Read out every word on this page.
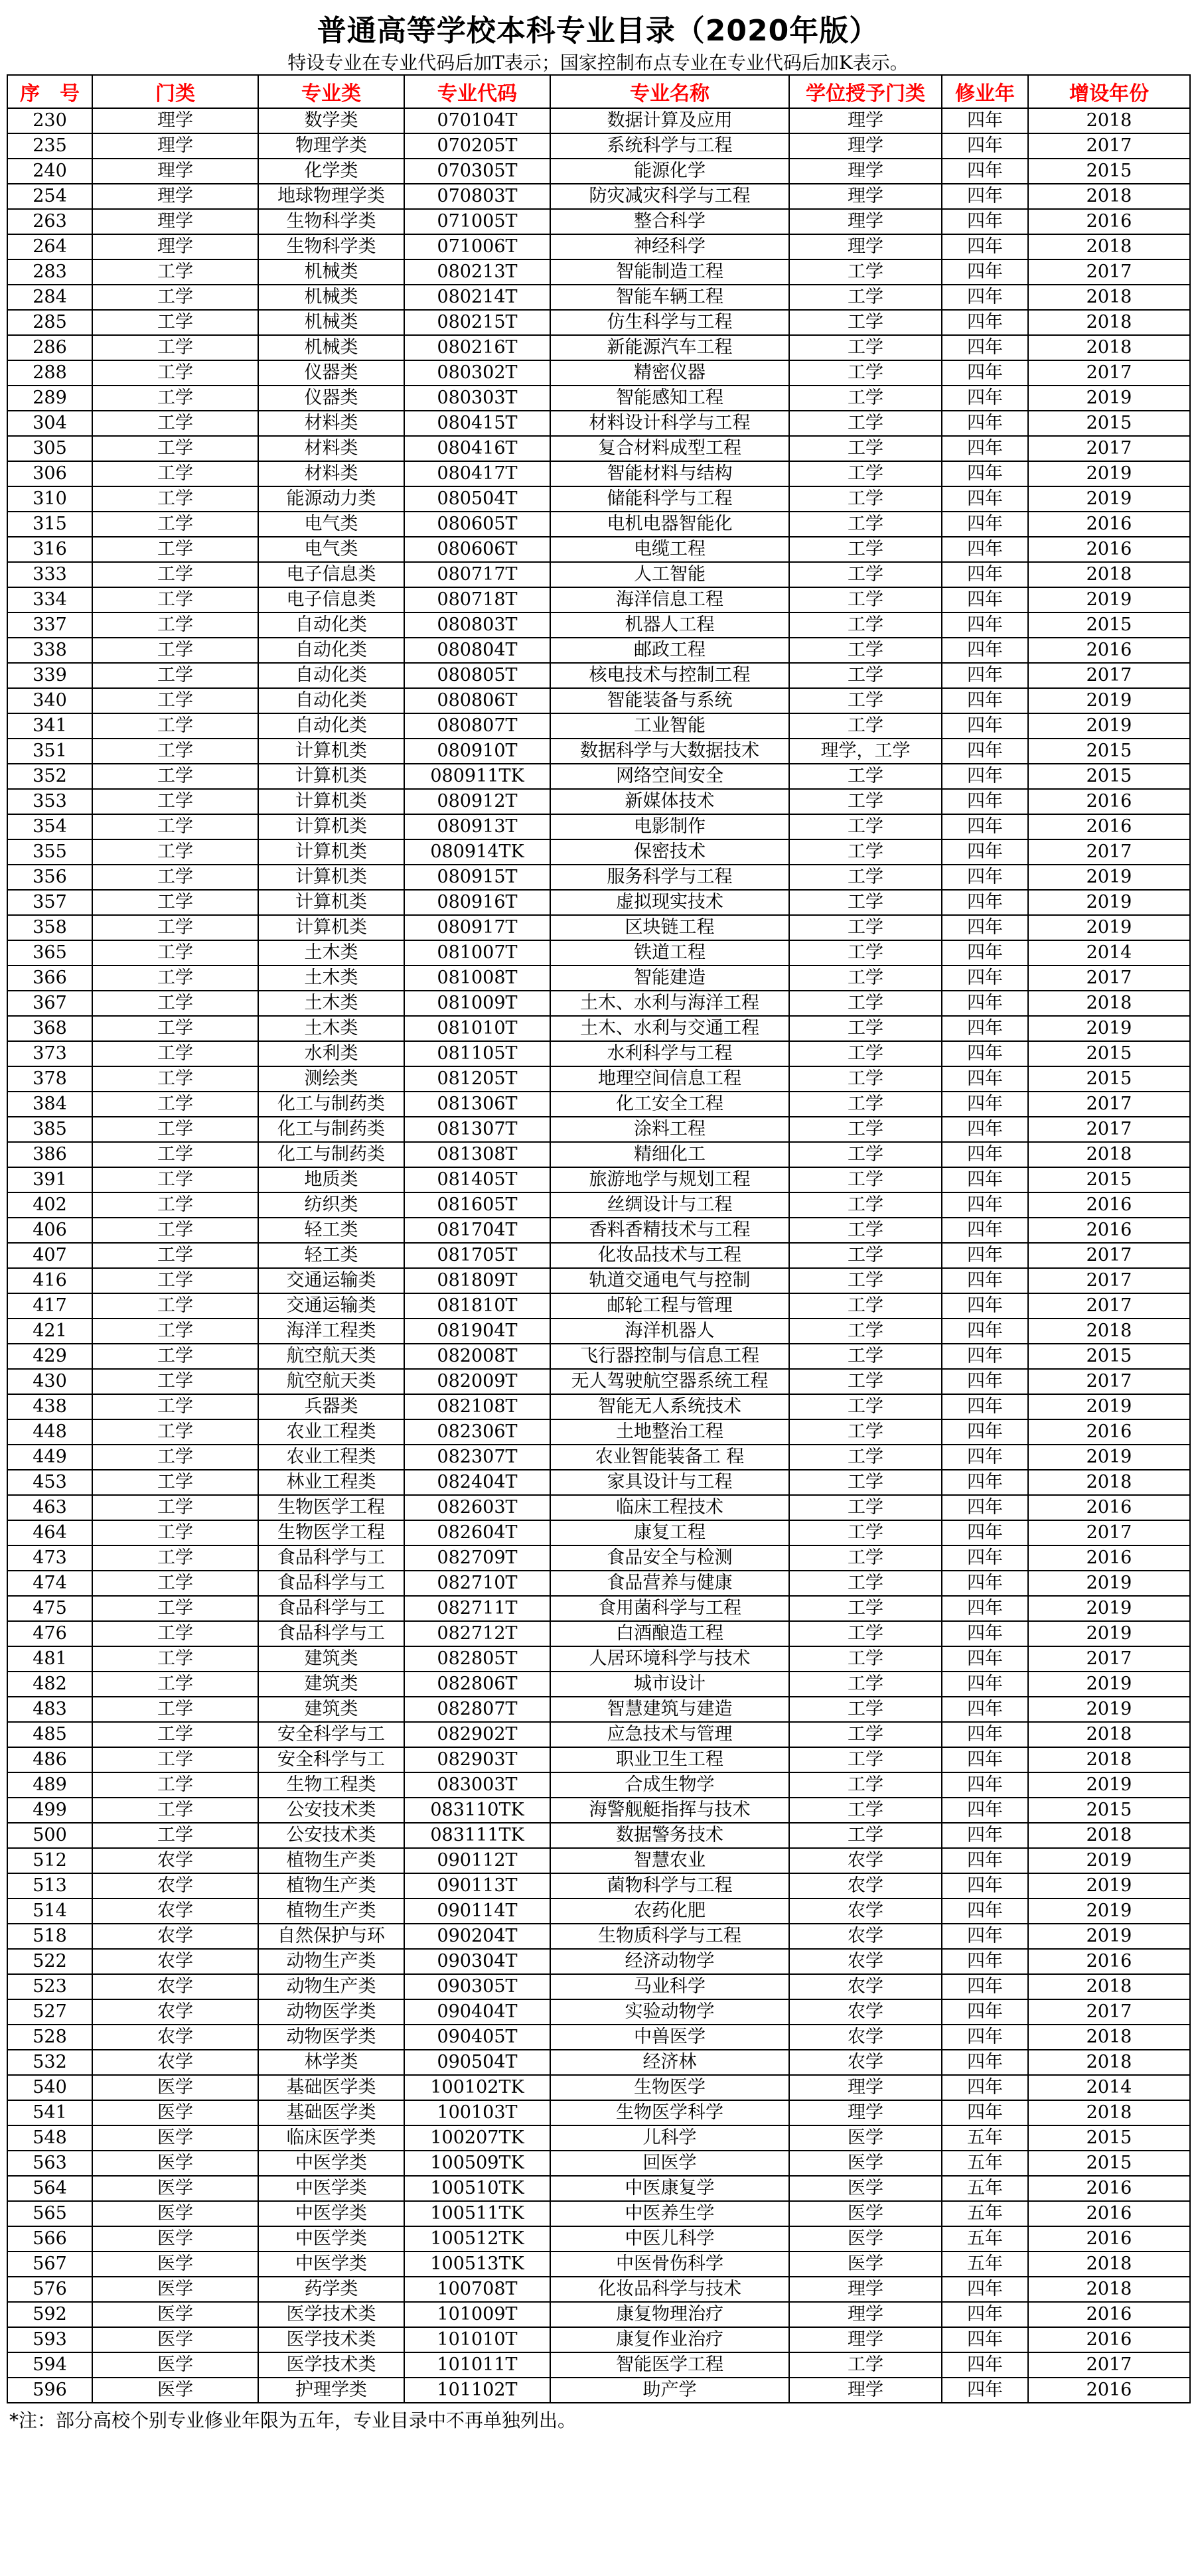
普通高等学校本科专业目录（2020年版）
特设专业在专业代码后加T表示；国家控制布点专业在专业代码后加K表示。
序　号	门类	专业类	专业代码	专业名称	学位授予门类	修业年	增设年份
230	理学	数学类	070104T	数据计算及应用	理学	四年	2018
235	理学	物理学类	070205T	系统科学与工程	理学	四年	2017
240	理学	化学类	070305T	能源化学	理学	四年	2015
254	理学	地球物理学类	070803T	防灾减灾科学与工程	理学	四年	2018
263	理学	生物科学类	071005T	整合科学	理学	四年	2016
264	理学	生物科学类	071006T	神经科学	理学	四年	2018
283	工学	机械类	080213T	智能制造工程	工学	四年	2017
284	工学	机械类	080214T	智能车辆工程	工学	四年	2018
285	工学	机械类	080215T	仿生科学与工程	工学	四年	2018
286	工学	机械类	080216T	新能源汽车工程	工学	四年	2018
288	工学	仪器类	080302T	精密仪器	工学	四年	2017
289	工学	仪器类	080303T	智能感知工程	工学	四年	2019
304	工学	材料类	080415T	材料设计科学与工程	工学	四年	2015
305	工学	材料类	080416T	复合材料成型工程	工学	四年	2017
306	工学	材料类	080417T	智能材料与结构	工学	四年	2019
310	工学	能源动力类	080504T	储能科学与工程	工学	四年	2019
315	工学	电气类	080605T	电机电器智能化	工学	四年	2016
316	工学	电气类	080606T	电缆工程	工学	四年	2016
333	工学	电子信息类	080717T	人工智能	工学	四年	2018
334	工学	电子信息类	080718T	海洋信息工程	工学	四年	2019
337	工学	自动化类	080803T	机器人工程	工学	四年	2015
338	工学	自动化类	080804T	邮政工程	工学	四年	2016
339	工学	自动化类	080805T	核电技术与控制工程	工学	四年	2017
340	工学	自动化类	080806T	智能装备与系统	工学	四年	2019
341	工学	自动化类	080807T	工业智能	工学	四年	2019
351	工学	计算机类	080910T	数据科学与大数据技术	理学，工学	四年	2015
352	工学	计算机类	080911TK	网络空间安全	工学	四年	2015
353	工学	计算机类	080912T	新媒体技术	工学	四年	2016
354	工学	计算机类	080913T	电影制作	工学	四年	2016
355	工学	计算机类	080914TK	保密技术	工学	四年	2017
356	工学	计算机类	080915T	服务科学与工程	工学	四年	2019
357	工学	计算机类	080916T	虚拟现实技术	工学	四年	2019
358	工学	计算机类	080917T	区块链工程	工学	四年	2019
365	工学	土木类	081007T	铁道工程	工学	四年	2014
366	工学	土木类	081008T	智能建造	工学	四年	2017
367	工学	土木类	081009T	土木、水利与海洋工程	工学	四年	2018
368	工学	土木类	081010T	土木、水利与交通工程	工学	四年	2019
373	工学	水利类	081105T	水利科学与工程	工学	四年	2015
378	工学	测绘类	081205T	地理空间信息工程	工学	四年	2015
384	工学	化工与制药类	081306T	化工安全工程	工学	四年	2017
385	工学	化工与制药类	081307T	涂料工程	工学	四年	2017
386	工学	化工与制药类	081308T	精细化工	工学	四年	2018
391	工学	地质类	081405T	旅游地学与规划工程	工学	四年	2015
402	工学	纺织类	081605T	丝绸设计与工程	工学	四年	2016
406	工学	轻工类	081704T	香料香精技术与工程	工学	四年	2016
407	工学	轻工类	081705T	化妆品技术与工程	工学	四年	2017
416	工学	交通运输类	081809T	轨道交通电气与控制	工学	四年	2017
417	工学	交通运输类	081810T	邮轮工程与管理	工学	四年	2017
421	工学	海洋工程类	081904T	海洋机器人	工学	四年	2018
429	工学	航空航天类	082008T	飞行器控制与信息工程	工学	四年	2015
430	工学	航空航天类	082009T	无人驾驶航空器系统工程	工学	四年	2017
438	工学	兵器类	082108T	智能无人系统技术	工学	四年	2019
448	工学	农业工程类	082306T	土地整治工程	工学	四年	2016
449	工学	农业工程类	082307T	农业智能装备工 程	工学	四年	2019
453	工学	林业工程类	082404T	家具设计与工程	工学	四年	2018
463	工学	生物医学工程	082603T	临床工程技术	工学	四年	2016
464	工学	生物医学工程	082604T	康复工程	工学	四年	2017
473	工学	食品科学与工	082709T	食品安全与检测	工学	四年	2016
474	工学	食品科学与工	082710T	食品营养与健康	工学	四年	2019
475	工学	食品科学与工	082711T	食用菌科学与工程	工学	四年	2019
476	工学	食品科学与工	082712T	白酒酿造工程	工学	四年	2019
481	工学	建筑类	082805T	人居环境科学与技术	工学	四年	2017
482	工学	建筑类	082806T	城市设计	工学	四年	2019
483	工学	建筑类	082807T	智慧建筑与建造	工学	四年	2019
485	工学	安全科学与工	082902T	应急技术与管理	工学	四年	2018
486	工学	安全科学与工	082903T	职业卫生工程	工学	四年	2018
489	工学	生物工程类	083003T	合成生物学	工学	四年	2019
499	工学	公安技术类	083110TK	海警舰艇指挥与技术	工学	四年	2015
500	工学	公安技术类	083111TK	数据警务技术	工学	四年	2018
512	农学	植物生产类	090112T	智慧农业	农学	四年	2019
513	农学	植物生产类	090113T	菌物科学与工程	农学	四年	2019
514	农学	植物生产类	090114T	农药化肥	农学	四年	2019
518	农学	自然保护与环	090204T	生物质科学与工程	农学	四年	2019
522	农学	动物生产类	090304T	经济动物学	农学	四年	2016
523	农学	动物生产类	090305T	马业科学	农学	四年	2018
527	农学	动物医学类	090404T	实验动物学	农学	四年	2017
528	农学	动物医学类	090405T	中兽医学	农学	四年	2018
532	农学	林学类	090504T	经济林	农学	四年	2018
540	医学	基础医学类	100102TK	生物医学	理学	四年	2014
541	医学	基础医学类	100103T	生物医学科学	理学	四年	2018
548	医学	临床医学类	100207TK	儿科学	医学	五年	2015
563	医学	中医学类	100509TK	回医学	医学	五年	2015
564	医学	中医学类	100510TK	中医康复学	医学	五年	2016
565	医学	中医学类	100511TK	中医养生学	医学	五年	2016
566	医学	中医学类	100512TK	中医儿科学	医学	五年	2016
567	医学	中医学类	100513TK	中医骨伤科学	医学	五年	2018
576	医学	药学类	100708T	化妆品科学与技术	理学	四年	2018
592	医学	医学技术类	101009T	康复物理治疗	理学	四年	2016
593	医学	医学技术类	101010T	康复作业治疗	理学	四年	2016
594	医学	医学技术类	101011T	智能医学工程	工学	四年	2017
596	医学	护理学类	101102T	助产学	理学	四年	2016
*注：部分高校个别专业修业年限为五年，专业目录中不再单独列出。
